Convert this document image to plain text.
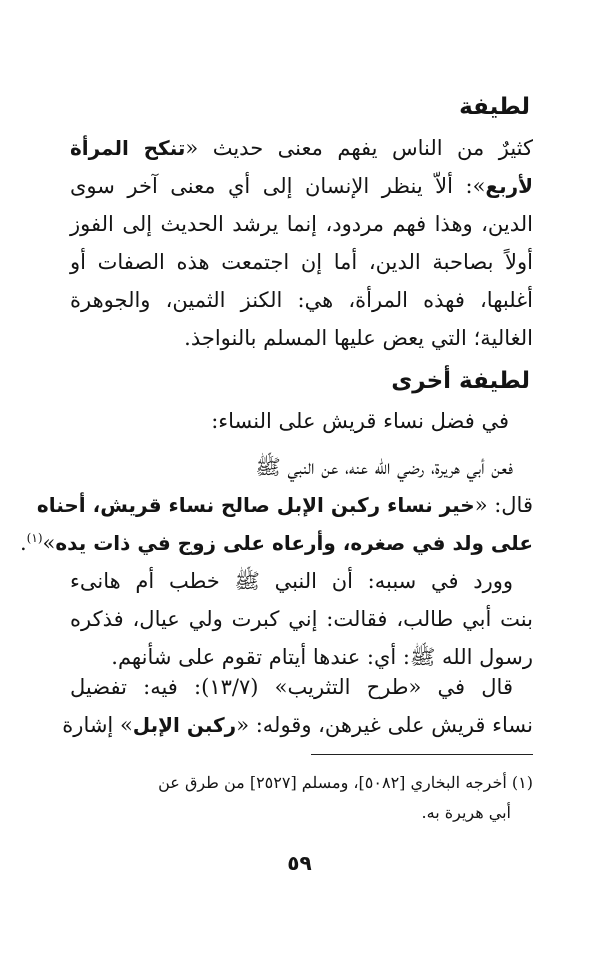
لطيفة
كثيرٌ من الناس يفهم معنى حديث «تنكح المرأة
لأربع»: ألاّ ينظر الإنسان إلى أي معنى آخر سوى
الدين، وهذا فهم مردود، إنما يرشد الحديث إلى الفوز
أولاً بصاحبة الدين، أما إن اجتمعت هذه الصفات أو
أغلبها، فهذه المرأة، هي: الكنز الثمين، والجوهرة
الغالية؛ التي يعض عليها المسلم بالنواجذ.
لطيفة أخرى
في فضل نساء قريش على النساء:
فعن أبي هريرة، رضي الله عنه، عن النبي ﷺ
قال: «خير نساء ركبن الإبل صالح نساء قريش، أحناه
على ولد في صغره، وأرعاه على زوج في ذات يده»$^{(١)}$.
وورد في سببه: أن النبي ﷺ خطب أم هانىء
بنت أبي طالب، فقالت: إني كبرت ولي عيال، فذكره
رسول الله ﷺ: أي: عندها أيتام تقوم على شأنهم.
قال في «طرح التثريب» (١٣/٧): فيه: تفضيل
نساء قريش على غيرهن، وقوله: «ركبن الإبل» إشارة
(١) أخرجه البخاري [٥٠٨٢]، ومسلم [٢٥٢٧] من طرق عن
أبي هريرة به.
٥٩
